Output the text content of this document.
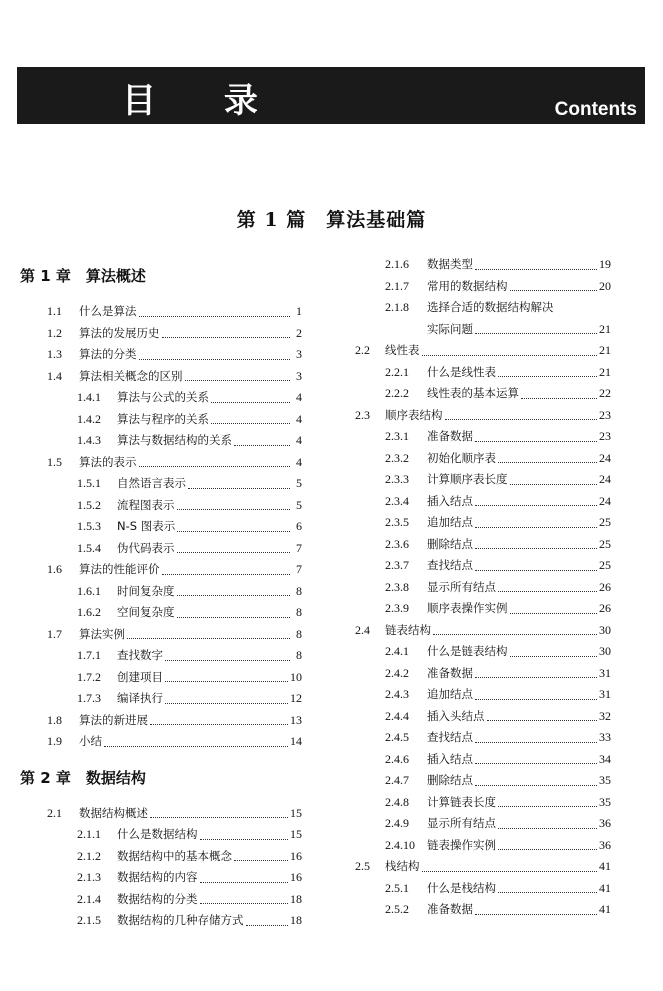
目 录	Contents
第 1 篇　算法基础篇
第 1 章　算法概述
1.1	什么是算法	1
1.2	算法的发展历史	2
1.3	算法的分类	3
1.4	算法相关概念的区别	3
1.4.1	算法与公式的关系	4
1.4.2	算法与程序的关系	4
1.4.3	算法与数据结构的关系	4
1.5	算法的表示	4
1.5.1	自然语言表示	5
1.5.2	流程图表示	5
1.5.3	N-S 图表示	6
1.5.4	伪代码表示	7
1.6	算法的性能评价	7
1.6.1	时间复杂度	8
1.6.2	空间复杂度	8
1.7	算法实例	8
1.7.1	查找数字	8
1.7.2	创建项目	10
1.7.3	编译执行	12
1.8	算法的新进展	13
1.9	小结	14
第 2 章　数据结构
2.1	数据结构概述	15
2.1.1	什么是数据结构	15
2.1.2	数据结构中的基本概念	16
2.1.3	数据结构的内容	16
2.1.4	数据结构的分类	18
2.1.5	数据结构的几种存储方式	18
2.1.6	数据类型	19
2.1.7	常用的数据结构	20
2.1.8	选择合适的数据结构解决
实际问题	21
2.2	线性表	21
2.2.1	什么是线性表	21
2.2.2	线性表的基本运算	22
2.3	顺序表结构	23
2.3.1	准备数据	23
2.3.2	初始化顺序表	24
2.3.3	计算顺序表长度	24
2.3.4	插入结点	24
2.3.5	追加结点	25
2.3.6	删除结点	25
2.3.7	查找结点	25
2.3.8	显示所有结点	26
2.3.9	顺序表操作实例	26
2.4	链表结构	30
2.4.1	什么是链表结构	30
2.4.2	准备数据	31
2.4.3	追加结点	31
2.4.4	插入头结点	32
2.4.5	查找结点	33
2.4.6	插入结点	34
2.4.7	删除结点	35
2.4.8	计算链表长度	35
2.4.9	显示所有结点	36
2.4.10	链表操作实例	36
2.5	栈结构	41
2.5.1	什么是栈结构	41
2.5.2	准备数据	41
